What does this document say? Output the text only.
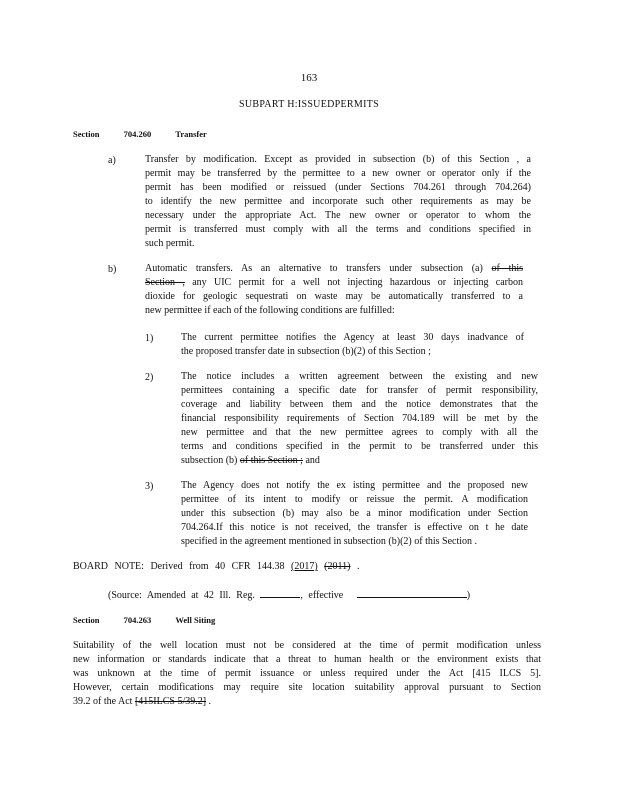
163
SUBPART H:ISSUEDPERMITS
Section	704.260	Transfer
a)	Transfer by modification. Except as provided in subsection (b) of this Section , a
permit may be transferred by the permittee to a new owner or operator only if the
permit has been modified or reissued (under Sections 704.261 through 704.264)
to identify the new permittee and incorporate such other requirements as may be
necessary under the appropriate Act. The new owner or operator to whom the
permit is transferred must comply with all the terms and conditions specified in
such permit.
b)	Automatic transfers. As an alternative to transfers under subsection (a) of this
Section , any UIC permit for a well not injecting hazardous or injecting carbon
dioxide for geologic sequestrati on waste may be automatically transferred to a
new permittee if each of the following conditions are fulfilled:
1)	The current permittee notifies the Agency at least 30 days inadvance of
the proposed transfer date in subsection (b)(2) of this Section ;
2)	The notice includes a written agreement between the existing and new
permittees containing a specific date for transfer of permit responsibility,
coverage and liability between them and the notice demonstrates that the
financial responsibility requirements of Section 704.189 will be met by the
new permittee and that the new permittee agrees to comply with all the
terms and conditions specified in the permit to be transferred under this
subsection (b) of this Section ; and
3)	The Agency does not notify the ex isting permittee and the proposed new
permittee of its intent to modify or reissue the permit. A modification
under this subsection (b) may also be a minor modification under Section
704.264.If this notice is not received, the transfer is effective on t he date
specified in the agreement mentioned in subsection (b)(2) of this Section .
BOARD NOTE: Derived from 40 CFR 144.38 (2017) (2011) .
(Source: Amended at 42 Ill. Reg.	, effective	)
Section	704.263	Well Siting
Suitability of the well location must not be considered at the time of permit modification unless
new information or standards indicate that a threat to human health or the environment exists that
was unknown at the time of permit issuance or unless required under the Act [415 ILCS 5].
However, certain modifications may require site location suitability approval pursuant to Section
39.2 of the Act [415ILCS 5/39.2] .
